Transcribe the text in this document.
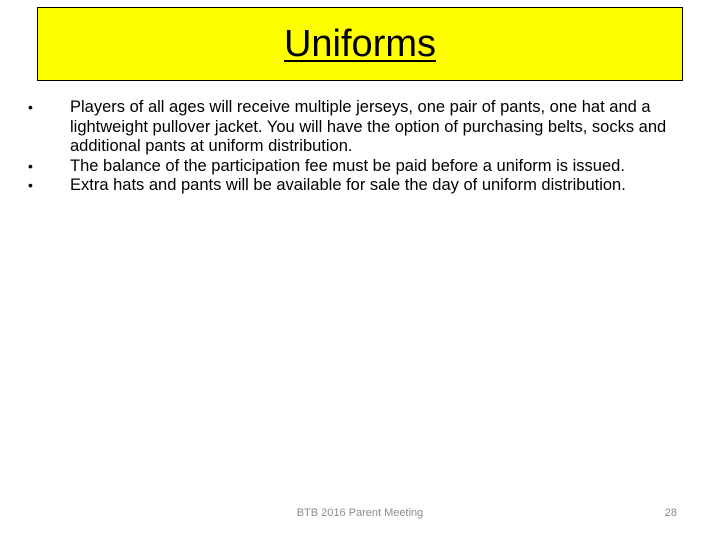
Uniforms
•	Players of all ages will receive multiple jerseys, one pair of pants, one hat and a lightweight pullover jacket. You will have the option of purchasing belts, socks and additional pants at uniform distribution.
•	The balance of the participation fee must be paid before a uniform is issued.
•	Extra hats and pants will be available for sale the day of uniform distribution.
BTB 2016 Parent Meeting	28
